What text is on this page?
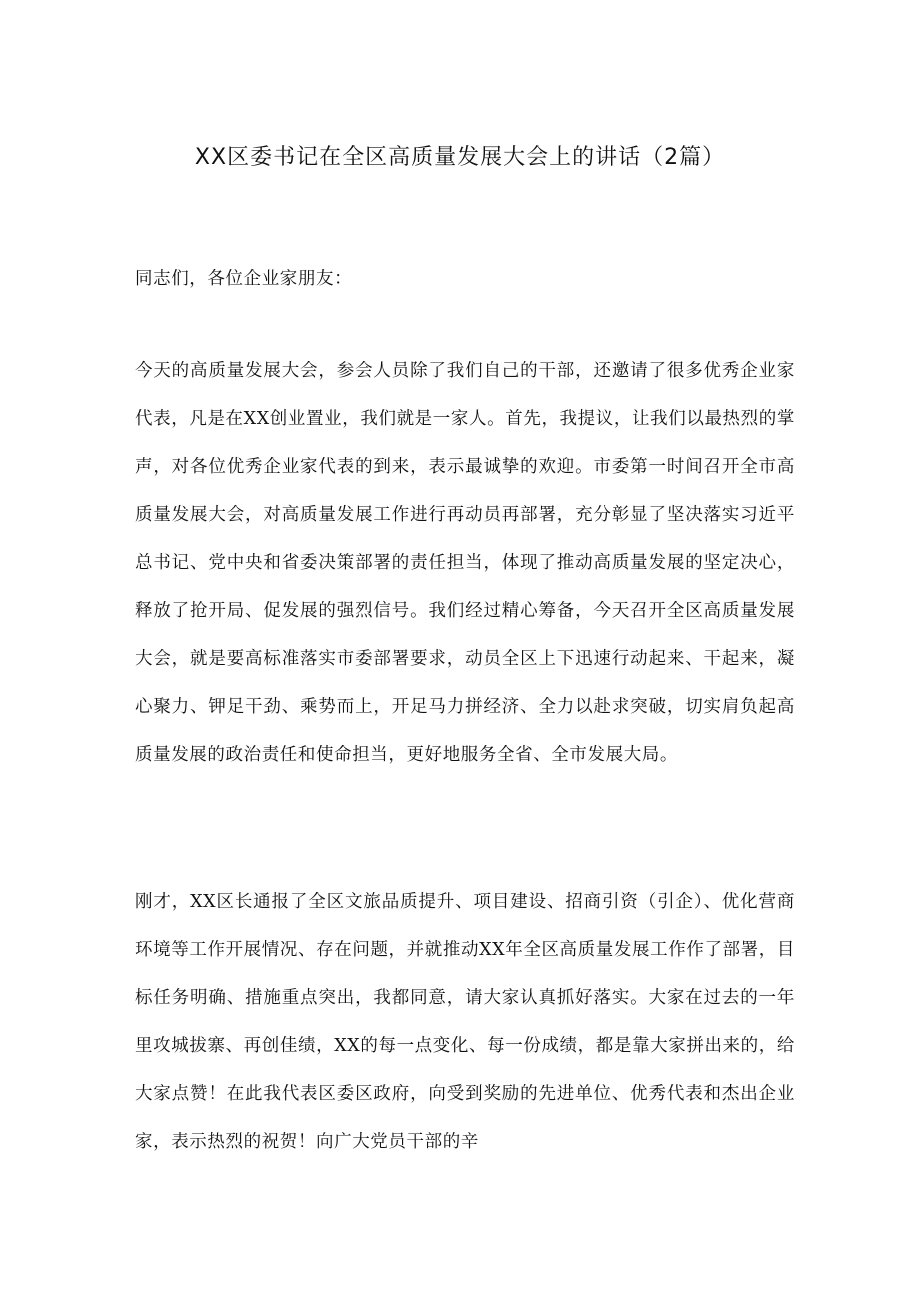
XX区委书记在全区高质量发展大会上的讲话（2篇）

同志们，各位企业家朋友：

今天的高质量发展大会，参会人员除了我们自己的干部，还邀请了很多优秀企业家代表，凡是在XX创业置业，我们就是一家人。首先，我提议，让我们以最热烈的掌声，对各位优秀企业家代表的到来，表示最诚挚的欢迎。市委第一时间召开全市高质量发展大会，对高质量发展工作进行再动员再部署，充分彰显了坚决落实习近平总书记、党中央和省委决策部署的责任担当，体现了推动高质量发展的坚定决心，释放了抢开局、促发展的强烈信号。我们经过精心筹备，今天召开全区高质量发展大会，就是要高标准落实市委部署要求，动员全区上下迅速行动起来、干起来，凝心聚力、钾足干劲、乘势而上，开足马力拼经济、全力以赴求突破，切实肩负起高质量发展的政治责任和使命担当，更好地服务全省、全市发展大局。

刚才，XX区长通报了全区文旅品质提升、项目建设、招商引资（引企）、优化营商环境等工作开展情况、存在问题，并就推动XX年全区高质量发展工作作了部署，目标任务明确、措施重点突出，我都同意，请大家认真抓好落实。大家在过去的一年里攻城拔寨、再创佳绩，XX的每一点变化、每一份成绩，都是靠大家拼出来的，给大家点赞！在此我代表区委区政府，向受到奖励的先进单位、优秀代表和杰出企业家，表示热烈的祝贺！向广大党员干部的辛
